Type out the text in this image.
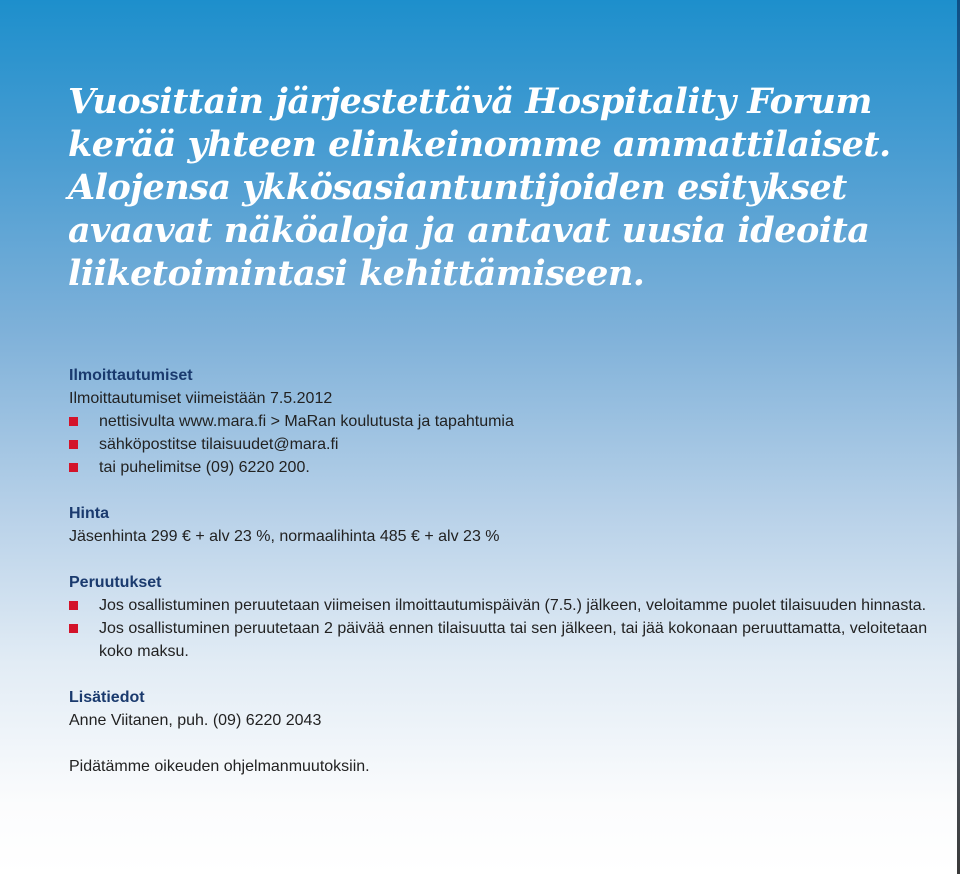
Vuosittain järjestettävä Hospitality Forum
kerää yhteen elinkeinomme ammattilaiset.
Alojensa ykkösasiantuntijoiden esitykset
avaavat näköaloja ja antavat uusia ideoita
liiketoimintasi kehittämiseen.

Ilmoittautumiset

Ilmoittautumiset viimeistään 7.5.2012

nettisivulta www.mara.fi > MaRan koulutusta ja tapahtumia
sähköpostitse tilaisuudet@mara.fi
tai puhelimitse (09) 6220 200.

Hinta

Jäsenhinta 299 € + alv 23 %, normaalihinta 485 € + alv 23 %

Peruutukset

Jos osallistuminen peruutetaan viimeisen ilmoittautumispäivän (7.5.) jälkeen, veloitamme puolet tilaisuuden hinnasta.
Jos osallistuminen peruutetaan 2 päivää ennen tilaisuutta tai sen jälkeen, tai jää kokonaan peruuttamatta, veloitetaan koko maksu.

Lisätiedot

Anne Viitanen, puh. (09) 6220 2043

Pidätämme oikeuden ohjelmanmuutoksiin.
